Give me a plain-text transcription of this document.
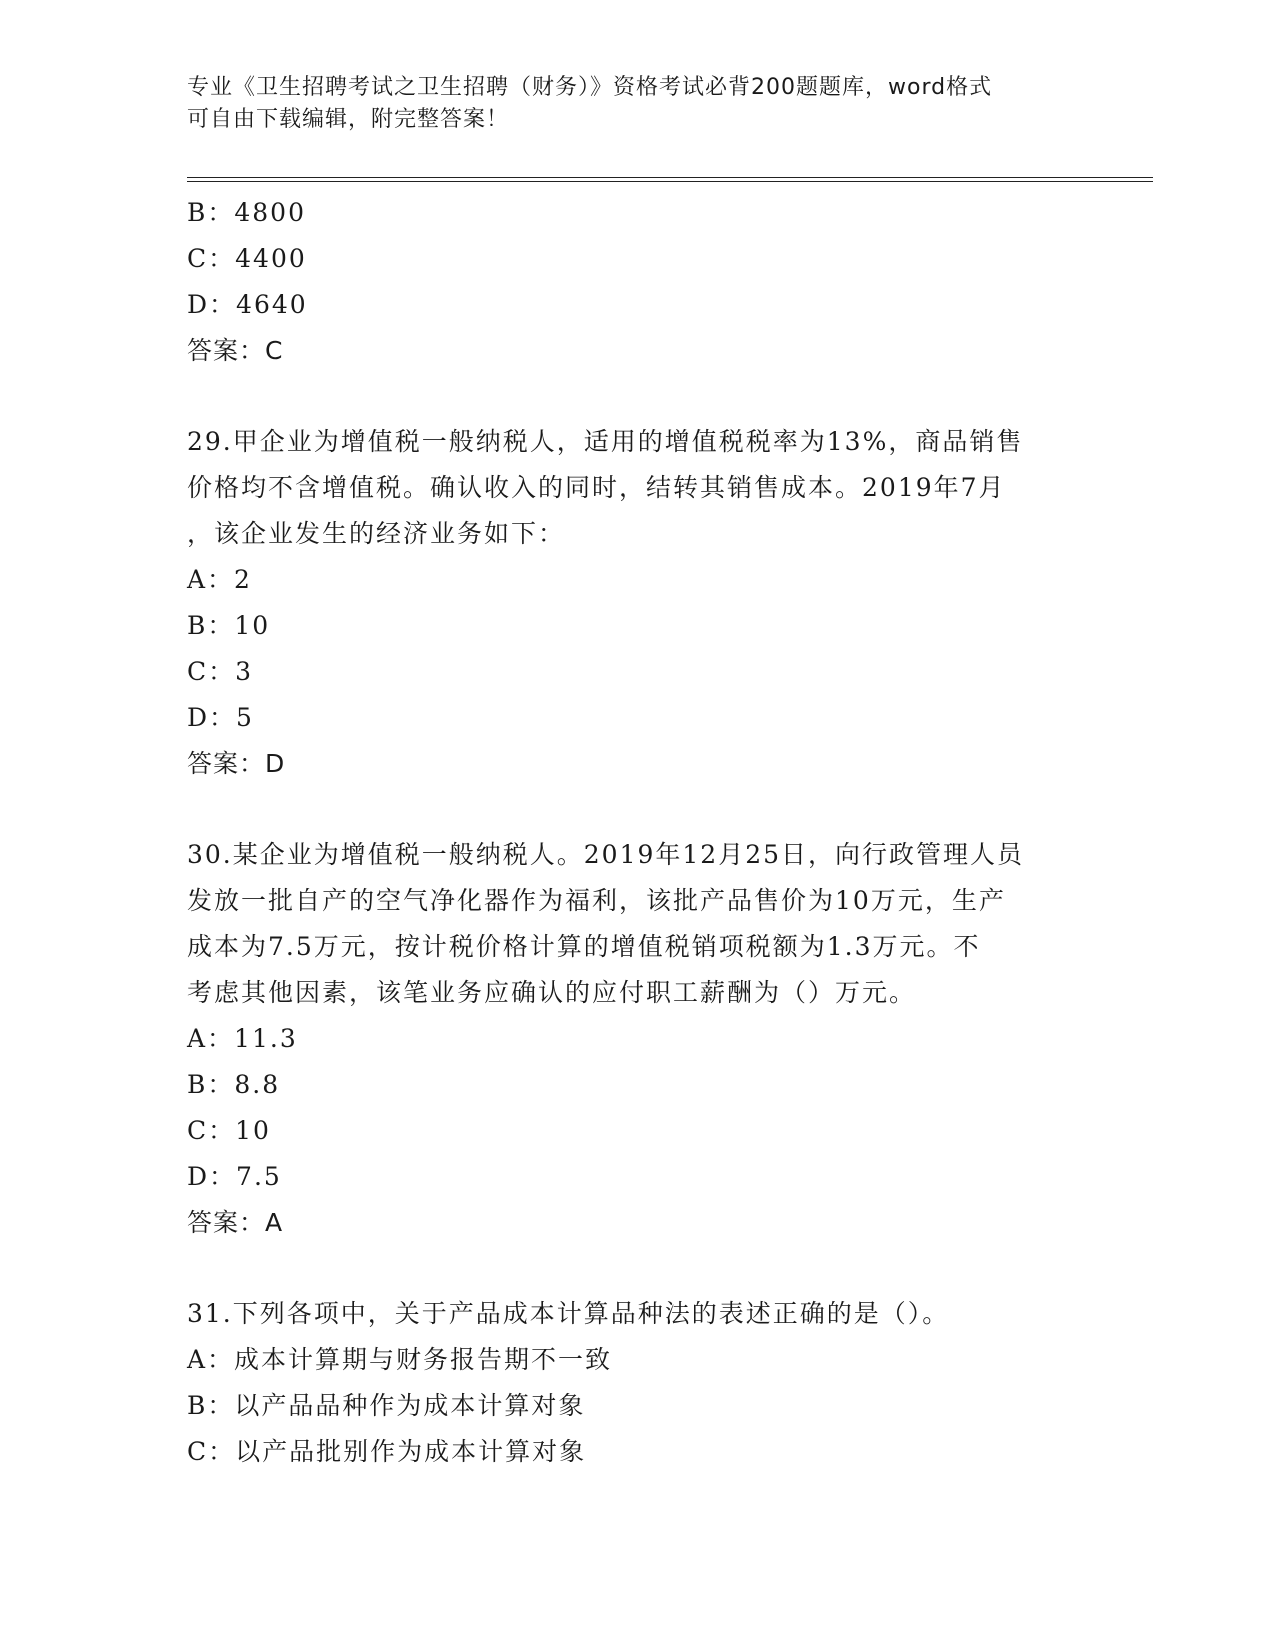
专业《卫生招聘考试之卫生招聘（财务）》资格考试必背200题题库，word格式
可自由下载编辑，附完整答案！
B：4800
C：4400
D：4640
答案：C
29.甲企业为增值税一般纳税人，适用的增值税税率为13%，商品销售
价格均不含增值税。确认收入的同时，结转其销售成本。2019年7月
，该企业发生的经济业务如下：
A：2
B：10
C：3
D：5
答案：D
30.某企业为增值税一般纳税人。2019年12月25日，向行政管理人员
发放一批自产的空气净化器作为福利，该批产品售价为10万元，生产
成本为7.5万元，按计税价格计算的增值税销项税额为1.3万元。不
考虑其他因素，该笔业务应确认的应付职工薪酬为（）万元。
A：11.3
B：8.8
C：10
D：7.5
答案：A
31.下列各项中，关于产品成本计算品种法的表述正确的是（）。
A：成本计算期与财务报告期不一致
B：以产品品种作为成本计算对象
C：以产品批别作为成本计算对象
